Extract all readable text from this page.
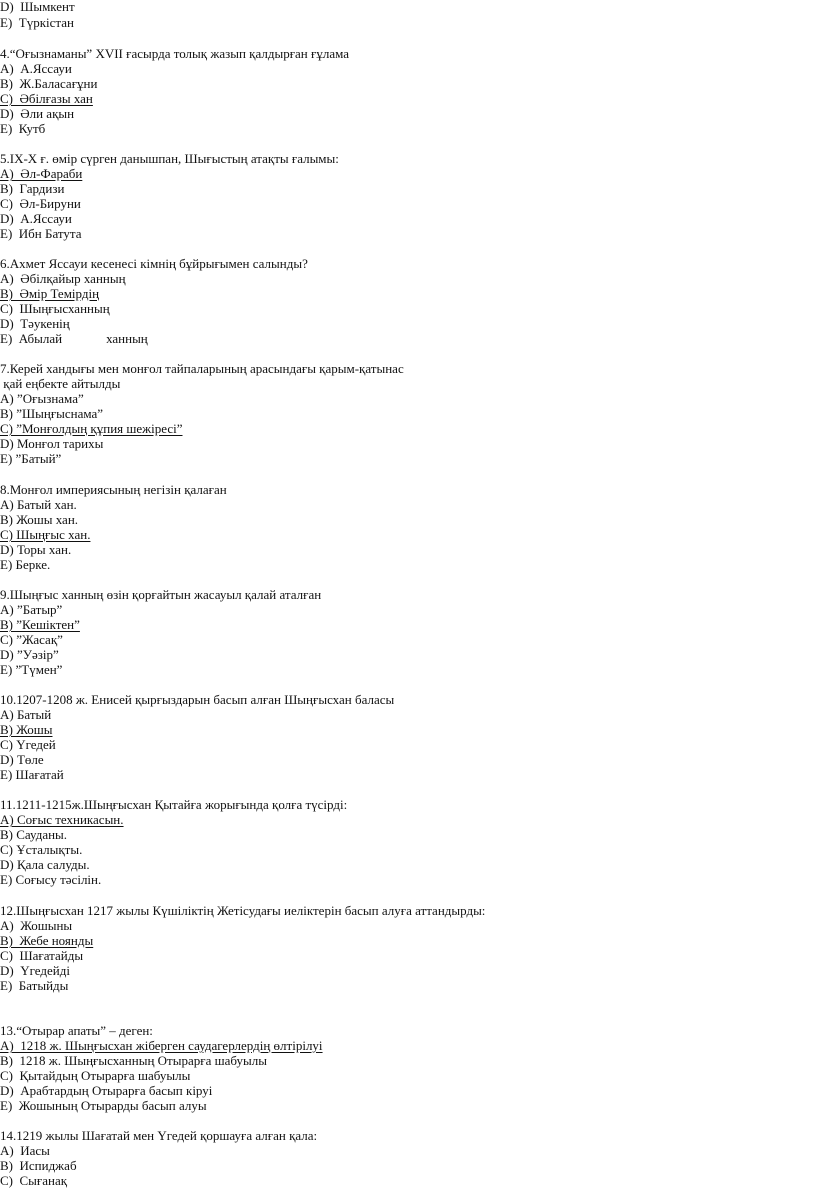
D)  Шымкент
E)  Түркістан
4.“Оғызнаманы” XVII ғасырда толық жазып қалдырған ғұлама
А)  А.Яссауи
В)  Ж.Баласағұни
С)  Әбілғазы хан
D)  Әли ақын
Е)  Кутб
5.IХ-Х ғ. өмір сүрген данышпан, Шығыстың атақты ғалымы:
А)  Әл-Фараби
В)  Гардизи
С)  Әл-Бируни
D)  А.Яссауи
Е)  Ибн Батута
6.Ахмет Яссауи кесенесі кімнің бұйрығымен салынды?
А)  Әбілқайыр ханның
В)  Әмір Темірдің
С)  Шыңғысханның
D)  Тәукенің
Е)  Абылай	ханның
7.Керей хандығы мен монғол тайпаларының арасындағы қарым-қатынас
қай еңбекте айтылды
А) ”Оғызнама”
В) ”Шыңғыснама”
С) ”Монғолдың құпия шежіресі”
D) Монғол тарихы
Е) ”Батый”
8.Монғол империясының негізін қалаған
А) Батый хан.
В) Жошы хан.
С) Шыңғыс хан.
D) Торы хан.
Е) Берке.
9.Шыңғыс ханның өзін қорғайтын жасауыл қалай аталған
А) ”Батыр”
В) ”Кешіктен”
С) ”Жасақ”
D) ”Уәзір”
Е) ”Түмен”
10.1207-1208 ж. Енисей қырғыздарын басып алған Шыңғысхан баласы
А) Батый
В) Жошы
С) Үгедей
D) Төле
Е) Шағатай
11.1211-1215ж.Шыңғысхан Қытайға жорығында қолға түсірді:
А) Соғыс техникасын.
В) Сауданы.
С) Ұсталықты.
D) Қала салуды.
Е) Соғысу тәсілін.
12.Шыңғысхан 1217 жылы Күшіліктің Жетісудағы иеліктерін басып алуға аттандырды:
А)  Жошыны
В)  Жебе ноянды
С)  Шағатайды
D)  Үгедейді
Е)  Батыйды
13.“Отырар апаты” – деген:
А)  1218 ж. Шыңғысхан жіберген саудагерлердің өлтірілуі
В)  1218 ж. Шыңғысханның Отырарға шабуылы
С)  Қытайдың Отырарға шабуылы
D)  Арабтардың Отырарға басып кіруі
Е)  Жошының Отырарды басып алуы
14.1219 жылы Шағатай мен Үгедей қоршауға алған қала:
А)  Иасы
В)  Испиджаб
С)  Сығанақ
